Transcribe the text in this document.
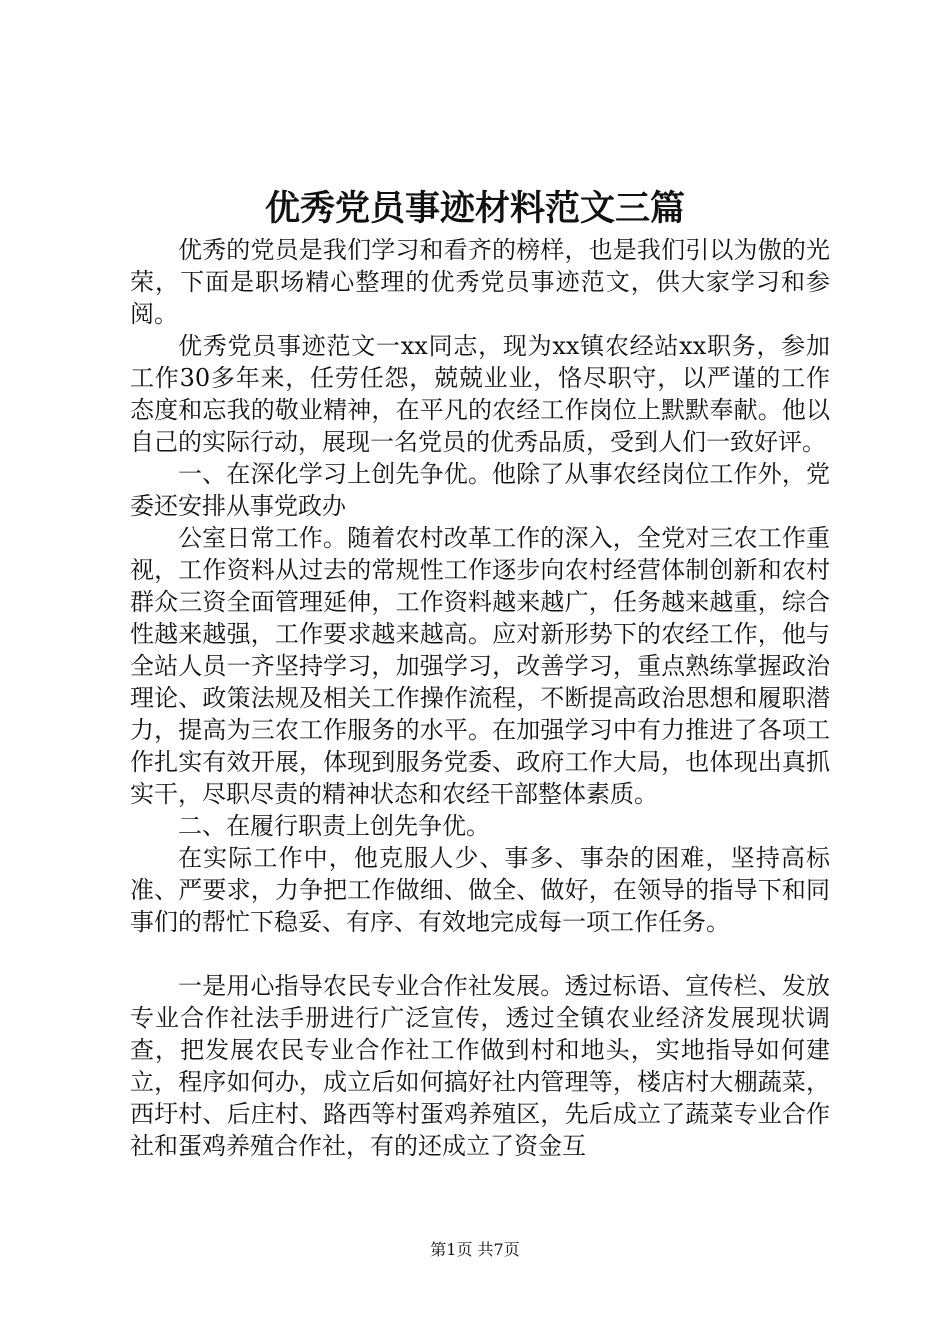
优秀党员事迹材料范文三篇

优秀的党员是我们学习和看齐的榜样，也是我们引以为傲的光荣，下面是职场精心整理的优秀党员事迹范文，供大家学习和参阅。

优秀党员事迹范文一xx同志，现为xx镇农经站xx职务，参加工作30多年来，任劳任怨，兢兢业业，恪尽职守，以严谨的工作态度和忘我的敬业精神，在平凡的农经工作岗位上默默奉献。他以自己的实际行动，展现一名党员的优秀品质，受到人们一致好评。

一、在深化学习上创先争优。他除了从事农经岗位工作外，党委还安排从事党政办

公室日常工作。随着农村改革工作的深入，全党对三农工作重视，工作资料从过去的常规性工作逐步向农村经营体制创新和农村群众三资全面管理延伸，工作资料越来越广，任务越来越重，综合性越来越强，工作要求越来越高。应对新形势下的农经工作，他与全站人员一齐坚持学习，加强学习，改善学习，重点熟练掌握政治理论、政策法规及相关工作操作流程，不断提高政治思想和履职潜力，提高为三农工作服务的水平。在加强学习中有力推进了各项工作扎实有效开展，体现到服务党委、政府工作大局，也体现出真抓实干，尽职尽责的精神状态和农经干部整体素质。

二、在履行职责上创先争优。

在实际工作中，他克服人少、事多、事杂的困难，坚持高标准、严要求，力争把工作做细、做全、做好，在领导的指导下和同事们的帮忙下稳妥、有序、有效地完成每一项工作任务。

一是用心指导农民专业合作社发展。透过标语、宣传栏、发放专业合作社法手册进行广泛宣传，透过全镇农业经济发展现状调查，把发展农民专业合作社工作做到村和地头，实地指导如何建立，程序如何办，成立后如何搞好社内管理等，楼店村大棚蔬菜，西圩村、后庄村、路西等村蛋鸡养殖区，先后成立了蔬菜专业合作社和蛋鸡养殖合作社，有的还成立了资金互

第1页 共7页
